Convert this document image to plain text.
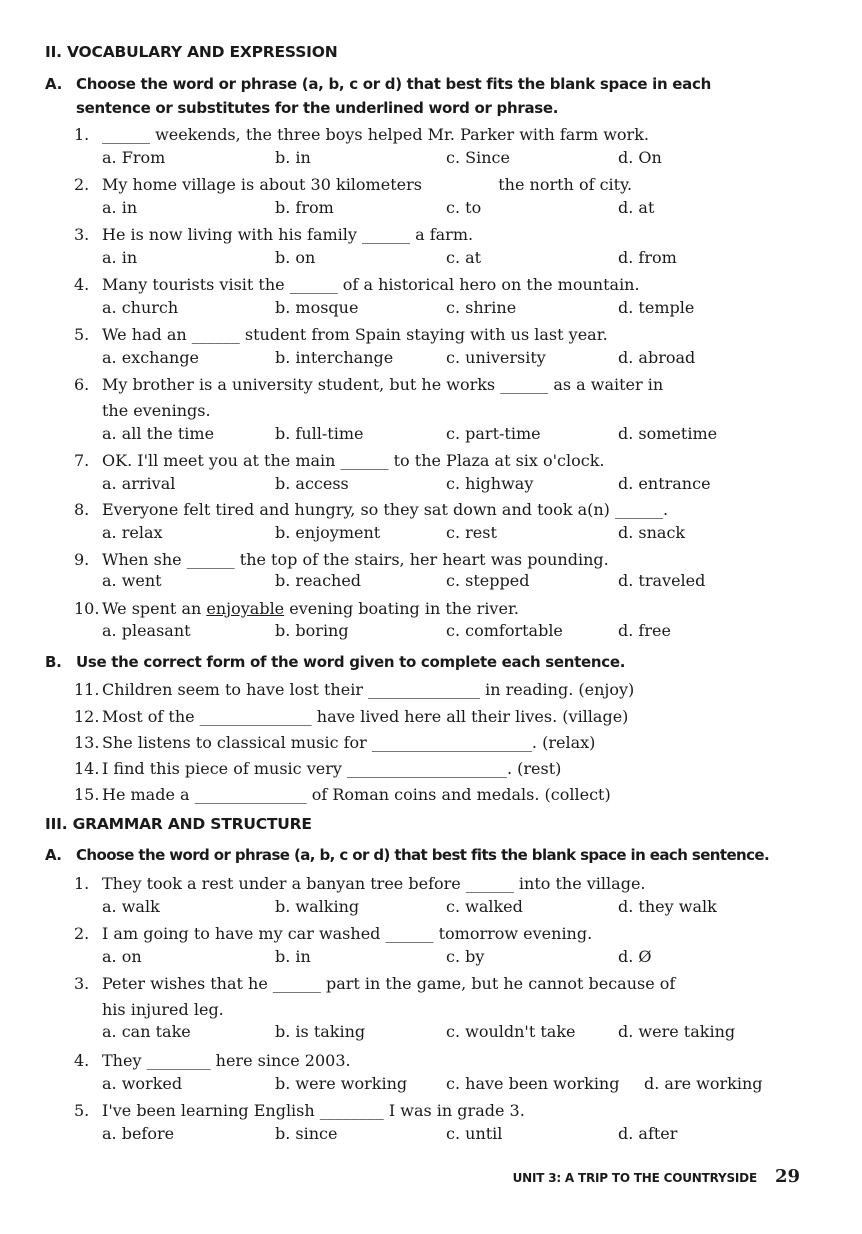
II. VOCABULARY AND EXPRESSION
A. Choose the word or phrase (a, b, c or d) that best fits the blank space in each
sentence or substitutes for the underlined word or phrase.
1. ______ weekends, the three boys helped Mr. Parker with farm work.
a. From	b. in	c. Since	d. On
2. My home village is about 30 kilometers               the north of city.
a. in	b. from	c. to	d. at
3. He is now living with his family ______ a farm.
a. in	b. on	c. at	d. from
4. Many tourists visit the ______ of a historical hero on the mountain.
a. church	b. mosque	c. shrine	d. temple
5. We had an ______ student from Spain staying with us last year.
a. exchange	b. interchange	c. university	d. abroad
6. My brother is a university student, but he works ______ as a waiter in
the evenings.
a. all the time	b. full-time	c. part-time	d. sometime
7. OK. I'll meet you at the main ______ to the Plaza at six o'clock.
a. arrival	b. access	c. highway	d. entrance
8. Everyone felt tired and hungry, so they sat down and took a(n) ______.
a. relax	b. enjoyment	c. rest	d. snack
9. When she ______ the top of the stairs, her heart was pounding.
a. went	b. reached	c. stepped	d. traveled
10. We spent an enjoyable evening boating in the river.
a. pleasant	b. boring	c. comfortable	d. free
B. Use the correct form of the word given to complete each sentence.
11. Children seem to have lost their ______________ in reading. (enjoy)
12. Most of the ______________ have lived here all their lives. (village)
13. She listens to classical music for ____________________. (relax)
14. I find this piece of music very ____________________. (rest)
15. He made a ______________ of Roman coins and medals. (collect)
III. GRAMMAR AND STRUCTURE
A. Choose the word or phrase (a, b, c or d) that best fits the blank space in each sentence.
1. They took a rest under a banyan tree before ______ into the village.
a. walk	b. walking	c. walked	d. they walk
2. I am going to have my car washed ______ tomorrow evening.
a. on	b. in	c. by	d. Ø
3. Peter wishes that he ______ part in the game, but he cannot because of
his injured leg.
a. can take	b. is taking	c. wouldn't take	d. were taking
4. They ________ here since 2003.
a. worked	b. were working c. have been working d. are working
5. I've been learning English ________ I was in grade 3.
a. before	b. since	c. until	d. after
UNIT 3: A TRIP TO THE COUNTRYSIDE 29
